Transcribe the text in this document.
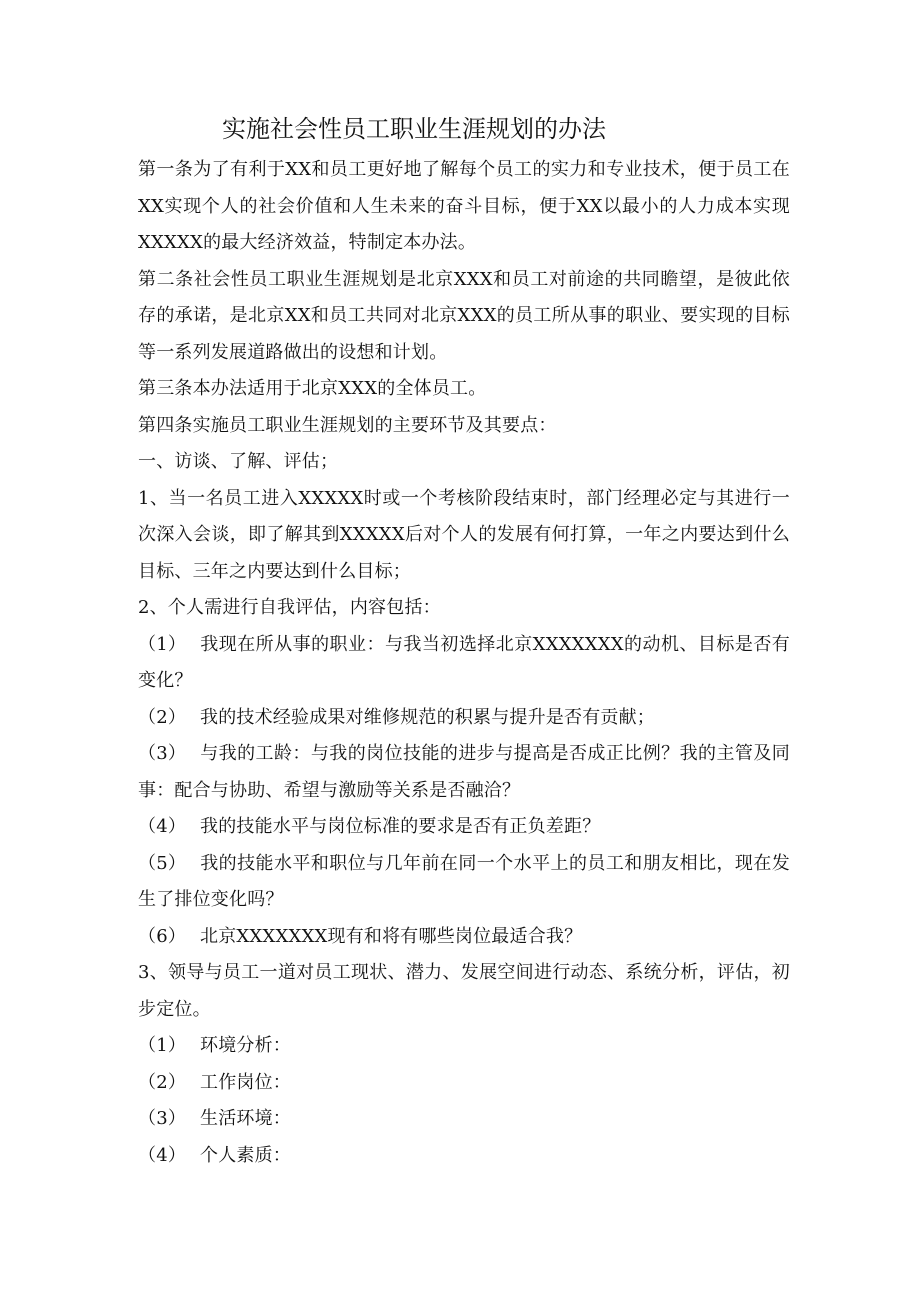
实施社会性员工职业生涯规划的办法

第一条为了有利于XX和员工更好地了解每个员工的实力和专业技术，便于员工在XX实现个人的社会价值和人生未来的奋斗目标，便于XX以最小的人力成本实现XXXXX的最大经济效益，特制定本办法。

第二条社会性员工职业生涯规划是北京XXX和员工对前途的共同瞻望，是彼此依存的承诺，是北京XX和员工共同对北京XXX的员工所从事的职业、要实现的目标等一系列发展道路做出的设想和计划。

第三条本办法适用于北京XXX的全体员工。

第四条实施员工职业生涯规划的主要环节及其要点：

一、访谈、了解、评估；

1、当一名员工进入XXXXX时或一个考核阶段结束时，部门经理必定与其进行一次深入会谈，即了解其到XXXXX后对个人的发展有何打算，一年之内要达到什么目标、三年之内要达到什么目标；

2、个人需进行自我评估，内容包括：

（1） 我现在所从事的职业：与我当初选择北京XXXXXXX的动机、目标是否有变化？

（2） 我的技术经验成果对维修规范的积累与提升是否有贡献；

（3） 与我的工龄：与我的岗位技能的进步与提高是否成正比例？我的主管及同事：配合与协助、希望与激励等关系是否融洽？

（4） 我的技能水平与岗位标准的要求是否有正负差距？

（5） 我的技能水平和职位与几年前在同一个水平上的员工和朋友相比，现在发生了排位变化吗？

（6） 北京XXXXXXX现有和将有哪些岗位最适合我？

3、领导与员工一道对员工现状、潜力、发展空间进行动态、系统分析，评估，初步定位。

（1） 环境分析：

（2） 工作岗位：

（3） 生活环境：

（4） 个人素质：
